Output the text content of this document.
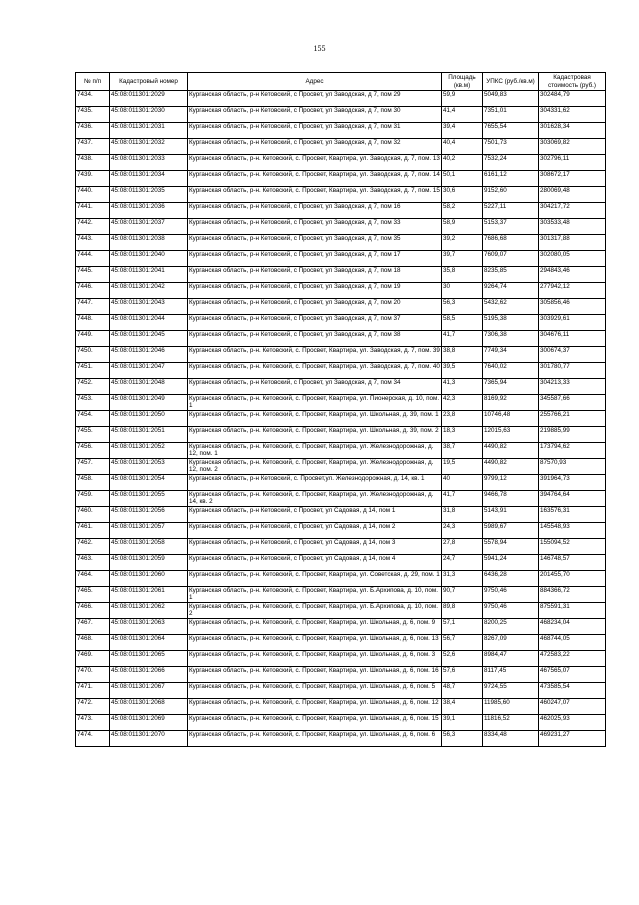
155
№ п/п	Кадастровый номер	Адрес	Площадь (кв.м)	УПКС (руб./кв.м)	Кадастровая стоимость (руб.)
7434.	45:08:011301:2029	Курганская область, р-н Кетовский, с Просвет, ул Заводская, д 7, пом 29	59,9	5049,83	302484,79
7435.	45:08:011301:2030	Курганская область, р-н Кетовский, с Просвет, ул Заводская, д 7, пом 30	41,4	7351,01	304331,62
7436.	45:08:011301:2031	Курганская область, р-н Кетовский, с Просвет, ул Заводская, д 7, пом 31	39,4	7655,54	301628,34
7437.	45:08:011301:2032	Курганская область, р-н Кетовский, с Просвет, ул Заводская, д 7, пом 32	40,4	7501,73	303069,82
7438.	45:08:011301:2033	Курганская область, р-н. Кетовский, с. Просвет, Квартира, ул. Заводская, д. 7, пом. 13	40,2	7532,24	302796,11
7439.	45:08:011301:2034	Курганская область, р-н. Кетовский, с. Просвет, Квартира, ул. Заводская, д. 7, пом. 14	50,1	6161,12	308672,17
7440.	45:08:011301:2035	Курганская область, р-н. Кетовский, с. Просвет, Квартира, ул. Заводская, д. 7, пом. 15	30,6	9152,60	280069,48
7441.	45:08:011301:2036	Курганская область, р-н Кетовский, с Просвет, ул Заводская, д 7, пом 16	58,2	5227,11	304217,72
7442.	45:08:011301:2037	Курганская область, р-н Кетовский, с Просвет, ул Заводская, д 7, пом 33	58,9	5153,37	303533,48
7443.	45:08:011301:2038	Курганская область, р-н Кетовский, с Просвет, ул Заводская, д 7, пом 35	39,2	7686,68	301317,88
7444.	45:08:011301:2040	Курганская область, р-н Кетовский, с Просвет, ул Заводская, д 7, пом 17	39,7	7609,07	302080,05
7445.	45:08:011301:2041	Курганская область, р-н Кетовский, с Просвет, ул Заводская, д 7, пом 18	35,8	8235,85	294843,46
7446.	45:08:011301:2042	Курганская область, р-н Кетовский, с Просвет, ул Заводская, д 7, пом 19	30	9264,74	277942,12
7447.	45:08:011301:2043	Курганская область, р-н Кетовский, с Просвет, ул Заводская, д 7, пом 20	56,3	5432,62	305856,46
7448.	45:08:011301:2044	Курганская область, р-н Кетовский, с Просвет, ул Заводская, д 7, пом 37	58,5	5195,38	303929,61
7449.	45:08:011301:2045	Курганская область, р-н Кетовский, с Просвет, ул Заводская, д 7, пом 38	41,7	7306,38	304676,11
7450.	45:08:011301:2046	Курганская область, р-н. Кетовский, с. Просвет, Квартира, ул. Заводская, д. 7, пом. 39	38,8	7749,34	300674,37
7451.	45:08:011301:2047	Курганская область, р-н. Кетовский, с. Просвет, Квартира, ул. Заводская, д. 7, пом. 40	39,5	7640,02	301780,77
7452.	45:08:011301:2048	Курганская область, р-н Кетовский, с Просвет, ул Заводская, д 7, пом 34	41,3	7365,94	304213,33
7453.	45:08:011301:2049	Курганская область, р-н. Кетовский, с. Просвет, Квартира, ул. Пионерская, д. 10, пом. 1	42,3	8169,92	345587,66
7454.	45:08:011301:2050	Курганская область, р-н. Кетовский, с. Просвет, Квартира, ул. Школьная, д. 39, пом. 1	23,8	10746,48	255766,21
7455.	45:08:011301:2051	Курганская область, р-н. Кетовский, с. Просвет, Квартира, ул. Школьная, д. 39, пом. 2	18,3	12015,63	219885,99
7456.	45:08:011301:2052	Курганская область, р-н. Кетовский, с. Просвет, Квартира, ул. Железнодорожная, д. 12, пом. 1	38,7	4490,82	173794,62
7457.	45:08:011301:2053	Курганская область, р-н. Кетовский, с. Просвет, Квартира, ул. Железнодорожная, д. 12, пом. 2	19,5	4490,82	87570,93
7458.	45:08:011301:2054	Курганская область, р-н Кетовский, с. Просвет,ул. Железнодорожная, д. 14, кв. 1	40	9799,12	391964,73
7459.	45:08:011301:2055	Курганская область, р-н. Кетовский, с. Просвет, Квартира, ул. Железнодорожная, д. 14, кв. 2	41,7	9466,78	394764,64
7460.	45:08:011301:2056	Курганская область, р-н Кетовский, с Просвет, ул Садовая, д 14, пом 1	31,8	5143,91	163576,31
7461.	45:08:011301:2057	Курганская область, р-н Кетовский, с Просвет, ул Садовая, д 14, пом 2	24,3	5989,67	145548,93
7462.	45:08:011301:2058	Курганская область, р-н Кетовский, с Просвет, ул Садовая, д 14, пом 3	27,8	5578,94	155094,52
7463.	45:08:011301:2059	Курганская область, р-н Кетовский, с Просвет, ул Садовая, д 14, пом 4	24,7	5941,24	146748,57
7464.	45:08:011301:2060	Курганская область, р-н. Кетовский, с. Просвет, Квартира, ул. Советская, д. 29, пом. 1	31,3	6436,28	201455,70
7465.	45:08:011301:2061	Курганская область, р-н. Кетовский, с. Просвет, Квартира, ул. Б.Архипова, д. 10, пом. 1	90,7	9750,46	884366,72
7466.	45:08:011301:2062	Курганская область, р-н. Кетовский, с. Просвет, Квартира, ул. Б.Архипова, д. 10, пом. 2	89,8	9750,46	875591,31
7467.	45:08:011301:2063	Курганская область, р-н. Кетовский, с. Просвет, Квартира, ул. Школьная, д. 6, пом. 9	57,1	8200,25	468234,04
7468.	45:08:011301:2064	Курганская область, р-н. Кетовский, с. Просвет, Квартира, ул. Школьная, д. 6, пом. 13	56,7	8267,09	468744,05
7469.	45:08:011301:2065	Курганская область, р-н. Кетовский, с. Просвет, Квартира, ул. Школьная, д. 6, пом. 3	52,6	8984,47	472583,22
7470.	45:08:011301:2066	Курганская область, р-н. Кетовский, с. Просвет, Квартира, ул. Школьная, д. 6, пом. 16	57,6	8117,45	467565,07
7471.	45:08:011301:2067	Курганская область, р-н. Кетовский, с. Просвет, Квартира, ул. Школьная, д. 6, пом. 5	48,7	9724,55	473585,54
7472.	45:08:011301:2068	Курганская область, р-н. Кетовский, с. Просвет, Квартира, ул. Школьная, д. 6, пом. 12	38,4	11985,60	460247,07
7473.	45:08:011301:2069	Курганская область, р-н. Кетовский, с. Просвет, Квартира, ул. Школьная, д. 6, пом. 15	39,1	11816,52	462025,93
7474.	45:08:011301:2070	Курганская область, р-н. Кетовский, с. Просвет, Квартира, ул. Школьная, д. 6, пом. 6	56,3	8334,48	469231,27
